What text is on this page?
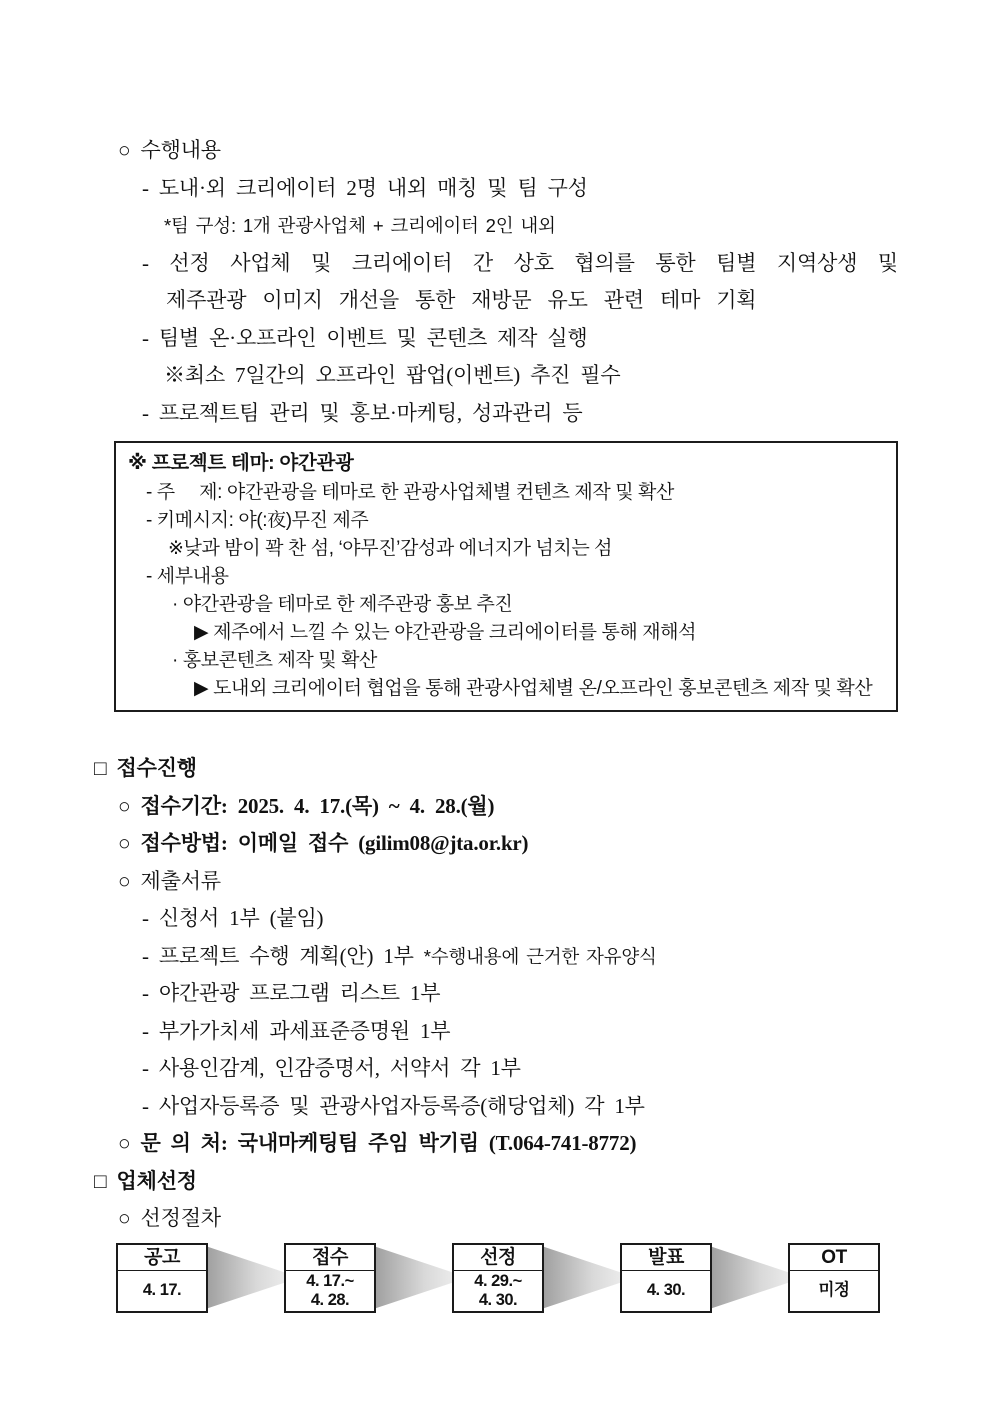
○ 수행내용
- 도내·외 크리에이터 2명 내외 매칭 및 팀 구성
*팀 구성: 1개 관광사업체 + 크리에이터 2인 내외
- 선정 사업체 및 크리에이터 간 상호 협의를 통한 팀별 지역상생 및
제주관광 이미지 개선을 통한 재방문 유도 관련 테마 기획
- 팀별 온·오프라인 이벤트 및 콘텐츠 제작 실행
※최소 7일간의 오프라인 팝업(이벤트) 추진 필수
- 프로젝트팀 관리 및 홍보·마케팅, 성과관리 등
※ 프로젝트 테마: 야간관광
- 주     제: 야간관광을 테마로 한 관광사업체별 컨텐츠 제작 및 확산
- 키메시지: 야(:夜)무진 제주
※낮과 밤이 꽉 찬 섬, ‘야무진’감성과 에너지가 넘치는 섬
- 세부내용
· 야간관광을 테마로 한 제주관광 홍보 추진
▶ 제주에서 느낄 수 있는 야간관광을 크리에이터를 통해 재해석
· 홍보콘텐츠 제작 및 확산
▶ 도내외 크리에이터 협업을 통해 관광사업체별 온/오프라인 홍보콘텐츠 제작 및 확산
□ 접수진행
○ 접수기간: 2025. 4. 17.(목) ~ 4. 28.(월)
○ 접수방법: 이메일 접수 (gilim08@jta.or.kr)
○ 제출서류
- 신청서 1부 (붙임)
- 프로젝트 수행 계획(안) 1부 *수행내용에 근거한 자유양식
- 야간관광 프로그램 리스트 1부
- 부가가치세 과세표준증명원 1부
- 사용인감계, 인감증명서, 서약서 각 1부
- 사업자등록증 및 관광사업자등록증(해당업체) 각 1부
○ 문 의 처: 국내마케팅팀 주임 박기림 (T.064-741-8772)
□ 업체선정
○ 선정절차
공고
4. 17.
접수
4. 17.~
4. 28.
선정
4. 29.~
4. 30.
발표
4. 30.
OT
미정
